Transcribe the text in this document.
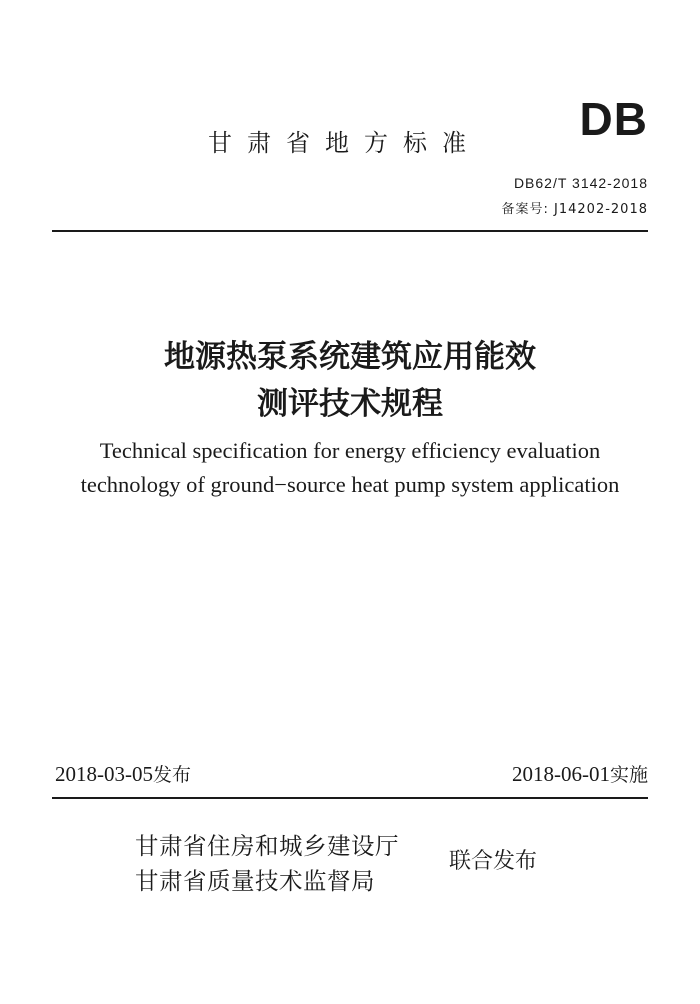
DB
甘肃省地方标准
DB62/T 3142-2018
备案号: J14202-2018
地源热泵系统建筑应用能效
测评技术规程
Technical specification for energy efficiency evaluation
technology of ground−source heat pump system application
2018-03-05发布	2018-06-01实施
甘肃省住房和城乡建设厅
甘肃省质量技术监督局
联合发布
